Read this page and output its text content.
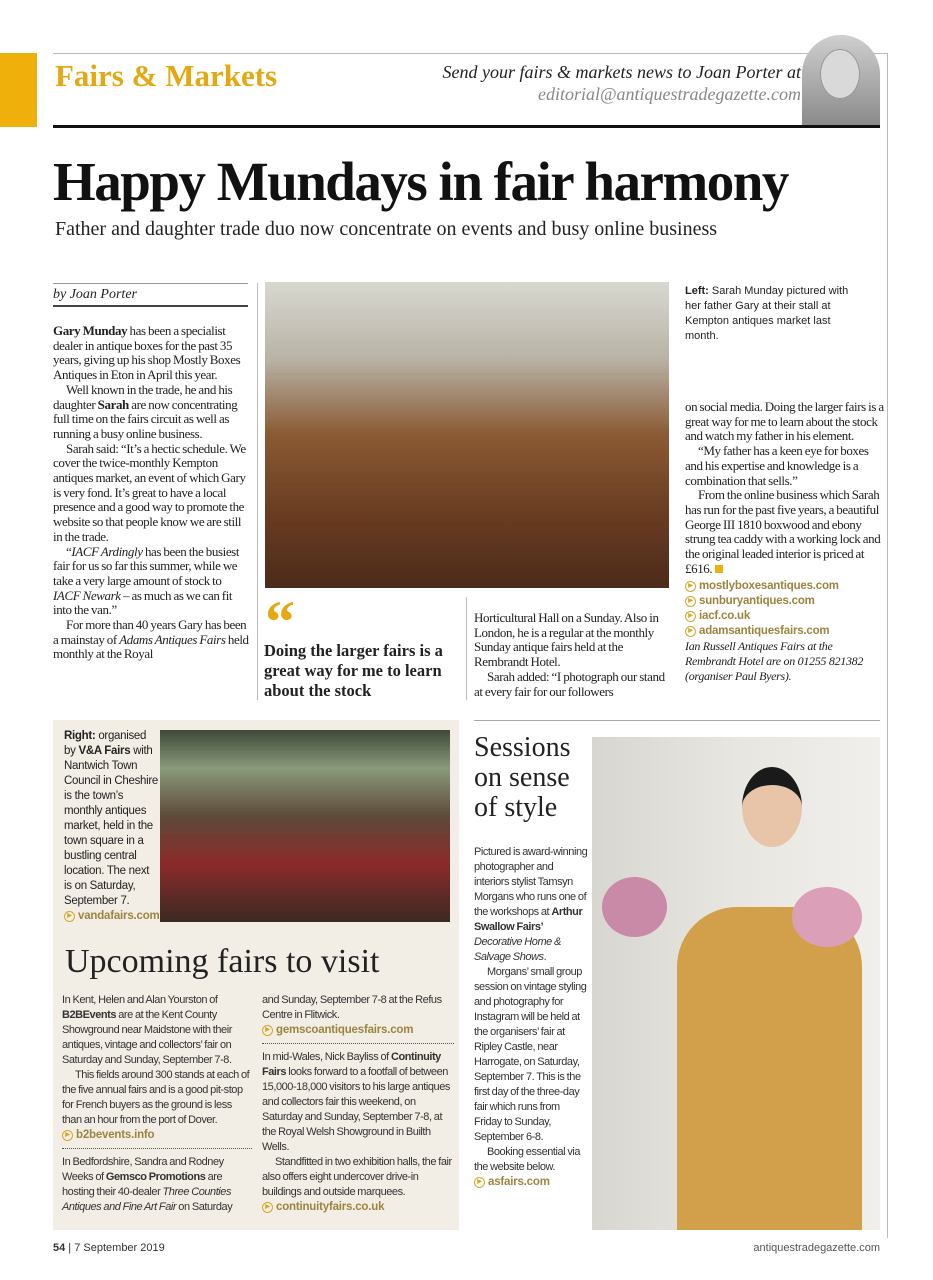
Fairs & Markets	Send your fairs & markets news to Joan Porter at
editorial@antiquestradegazette.com
Happy Mundays in fair harmony
Father and daughter trade duo now concentrate on events and busy online business
by Joan Porter

Gary Munday has been a specialist dealer in antique boxes for the past 35 years, giving up his shop Mostly Boxes Antiques in Eton in April this year.

Well known in the trade, he and his daughter Sarah are now concentrating full time on the fairs circuit as well as running a busy online business.

Sarah said: “It’s a hectic schedule. We cover the twice-monthly Kempton antiques market, an event of which Gary is very fond. It’s great to have a local presence and a good way to promote the website so that people know we are still in the trade.

“IACF Ardingly has been the busiest fair for us so far this summer, while we take a very large amount of stock to IACF Newark – as much as we can fit into the van.”

For more than 40 years Gary has been a mainstay of Adams Antiques Fairs held monthly at the Royal	“
Doing the larger fairs is a great way for me to learn about the stock

Horticultural Hall on a Sunday. Also in London, he is a regular at the monthly Sunday antique fairs held at the Rembrandt Hotel.

Sarah added: “I photograph our stand at every fair for our followers

Left: Sarah Munday pictured with her father Gary at their stall at Kempton antiques market last month.

on social media. Doing the larger fairs is a great way for me to learn about the stock and watch my father in his element.

“My father has a keen eye for boxes and his expertise and knowledge is a combination that sells.”

From the online business which Sarah has run for the past five years, a beautiful George III 1810 boxwood and ebony strung tea caddy with a working lock and the original leaded interior is priced at £616.

▶ mostlyboxesantiques.com
▶ sunburyantiques.com
▶ iacf.co.uk
▶ adamsantiquesfairs.com
Ian Russell Antiques Fairs at the Rembrandt Hotel are on 01255 821382 (organiser Paul Byers).
Right: organised by V&A Fairs with Nantwich Town Council in Cheshire is the town’s monthly antiques market, held in the town square in a bustling central location. The next is on Saturday, September 7.
▶ vandafairs.com
Upcoming fairs to visit

In Kent, Helen and Alan Yourston of B2BEvents are at the Kent County Showground near Maidstone with their antiques, vintage and collectors’ fair on Saturday and Sunday, September 7-8.

This fields around 300 stands at each of the five annual fairs and is a good pit-stop for French buyers as the ground is less than an hour from the port of Dover.

▶ b2bevents.info

In Bedfordshire, Sandra and Rodney Weeks of Gemsco Promotions are hosting their 40-dealer Three Counties Antiques and Fine Art Fair on Saturday

and Sunday, September 7-8 at the Refus Centre in Flitwick.

▶ gemscoantiquesfairs.com

In mid-Wales, Nick Bayliss of Continuity Fairs looks forward to a footfall of between 15,000-18,000 visitors to his large antiques and collectors fair this weekend, on Saturday and Sunday, September 7-8, at the Royal Welsh Showground in Builth Wells.

Standfitted in two exhibition halls, the fair also offers eight undercover drive-in buildings and outside marquees.

▶ continuityfairs.co.uk
Sessions on sense of style

Pictured is award-winning photographer and interiors stylist Tamsyn Morgans who runs one of the workshops at Arthur Swallow Fairs’ Decorative Home & Salvage Shows.

Morgans’ small group session on vintage styling and photography for Instagram will be held at the organisers’ fair at Ripley Castle, near Harrogate, on Saturday, September 7. This is the first day of the three-day fair which runs from Friday to Sunday, September 6-8.

Booking essential via the website below.

▶ asfairs.com
54 | 7 September 2019	antiquestradegazette.com
